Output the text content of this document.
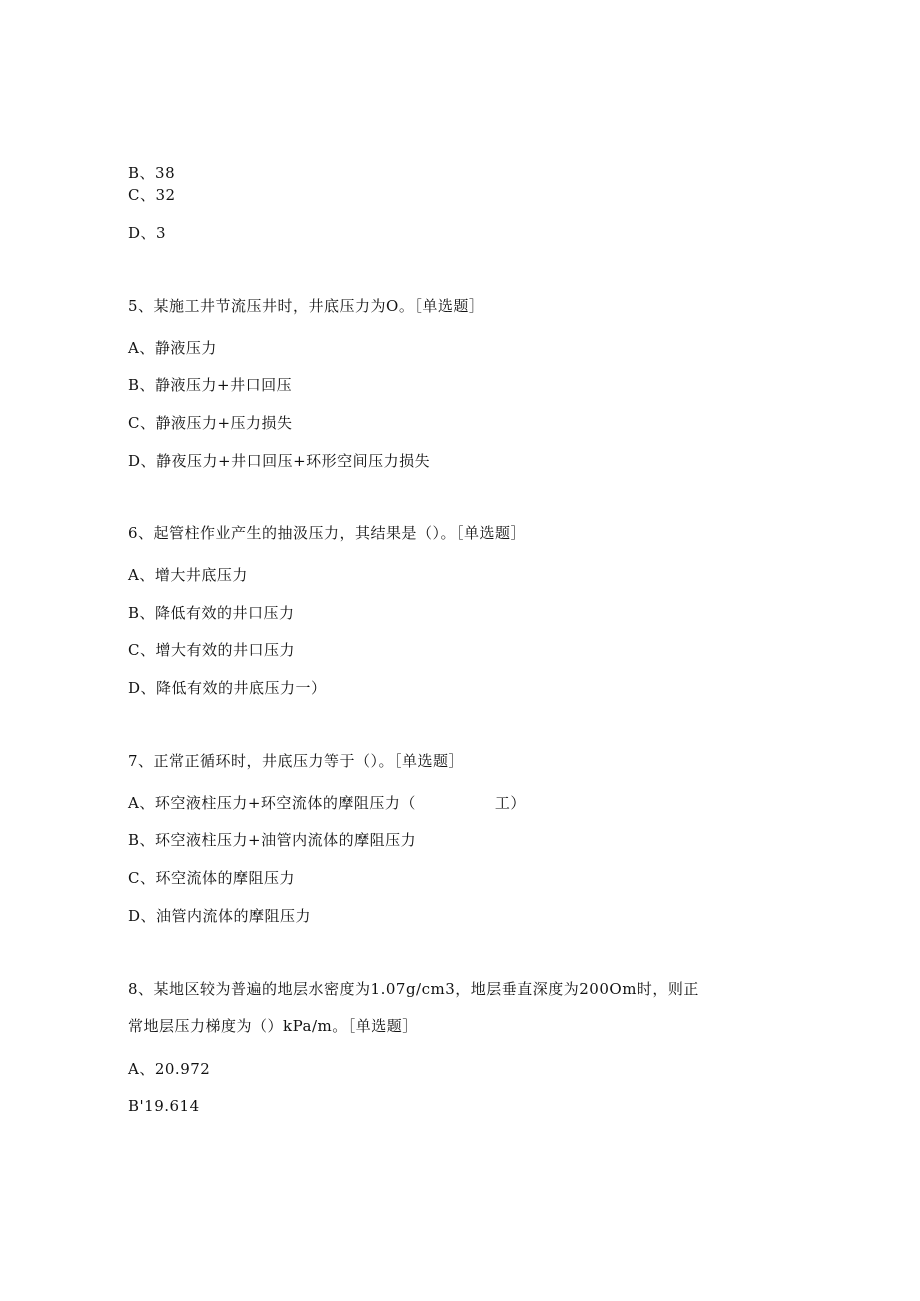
B、38
C、32
D、3
5、某施工井节流压井时，井底压力为O。［单选题］
A、静液压力
B、静液压力+井口回压
C、静液压力+压力损失
D、静夜压力+井口回压+环形空间压力损失
6、起管柱作业产生的抽汲压力，其结果是（）。［单选题］
A、增大井底压力
B、降低有效的井口压力
C、增大有效的井口压力
D、降低有效的井底压力一）
7、正常正循环时，井底压力等于（）。［单选题］
A、环空液柱压力+环空流体的摩阻压力（               工）
B、环空液柱压力+油管内流体的摩阻压力
C、环空流体的摩阻压力
D、油管内流体的摩阻压力
8、某地区较为普遍的地层水密度为1.07g∕cm3，地层垂直深度为200Om时，则正
常地层压力梯度为（）kPa/m。［单选题］
A、20.972
B'19.614
